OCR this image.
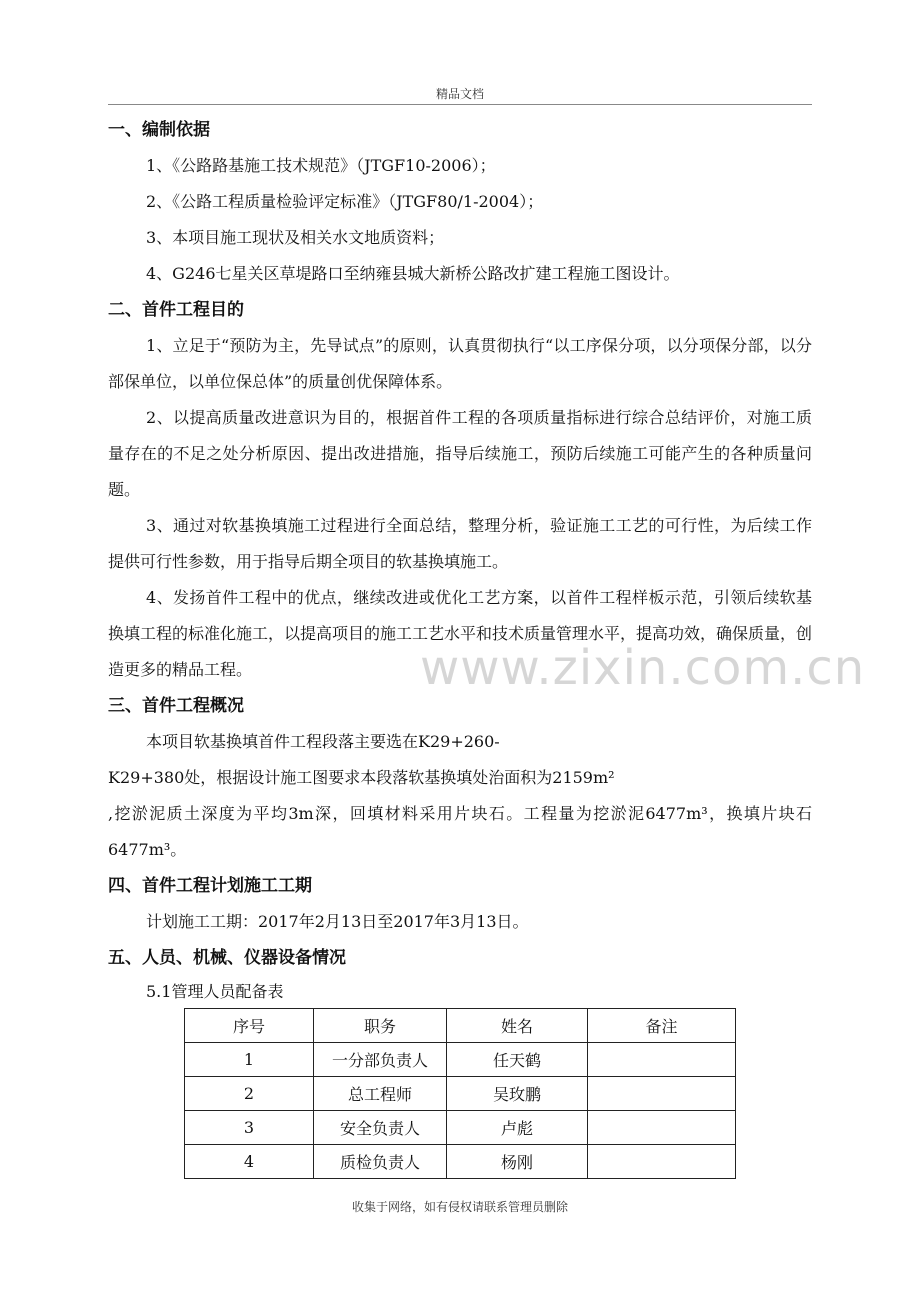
精品文档
www.zixin.com.cn

一、编制依据

1、《公路路基施工技术规范》（JTGF10-2006）；

2、《公路工程质量检验评定标准》（JTGF80/1-2004）；

3、本项目施工现状及相关水文地质资料；

4、G246七星关区草堤路口至纳雍县城大新桥公路改扩建工程施工图设计。

二、首件工程目的

1、立足于“预防为主，先导试点”的原则，认真贯彻执行“以工序保分项，以分项保分部，以分部保单位，以单位保总体”的质量创优保障体系。

2、以提高质量改进意识为目的，根据首件工程的各项质量指标进行综合总结评价，对施工质量存在的不足之处分析原因、提出改进措施，指导后续施工，预防后续施工可能产生的各种质量问题。

3、通过对软基换填施工过程进行全面总结，整理分析，验证施工工艺的可行性，为后续工作提供可行性参数，用于指导后期全项目的软基换填施工。

4、发扬首件工程中的优点，继续改进或优化工艺方案，以首件工程样板示范，引领后续软基换填工程的标准化施工，以提高项目的施工工艺水平和技术质量管理水平，提高功效，确保质量，创造更多的精品工程。

三、首件工程概况

本项目软基换填首件工程段落主要选在K29+260-

K29+380处，根据设计施工图要求本段落软基换填处治面积为2159m²

,挖淤泥质土深度为平均3m深，回填材料采用片块石。工程量为挖淤泥6477m³，换填片块石6477m³。

四、首件工程计划施工工期

计划施工工期：2017年2月13日至2017年3月13日。

五、人员、机械、仪器设备情况

5.1管理人员配备表

序号	职务	姓名	备注
1	一分部负责人	任天鹤	
2	总工程师	吴玫鹏	
3	安全负责人	卢彪	
4	质检负责人	杨刚	
收集于网络，如有侵权请联系管理员删除
